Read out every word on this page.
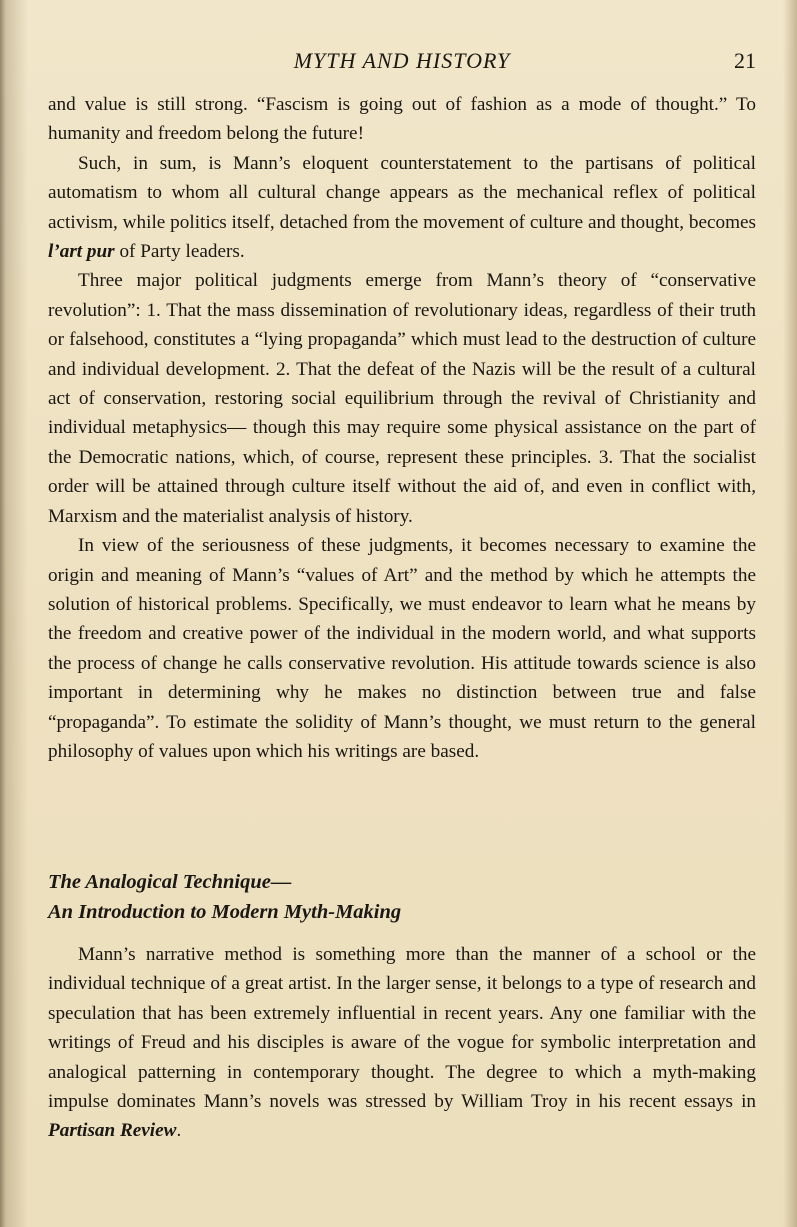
MYTH AND HISTORY	21

and value is still strong. “Fascism is going out of fashion as a mode of thought.” To humanity and freedom belong the future!

Such, in sum, is Mann’s eloquent counterstatement to the partisans of political automatism to whom all cultural change appears as the mechanical reflex of political activism, while politics itself, detached from the movement of culture and thought, becomes l’art pur of Party leaders.

Three major political judgments emerge from Mann’s theory of “conservative revolution”: 1. That the mass dissemination of revolutionary ideas, regardless of their truth or falsehood, constitutes a “lying propaganda” which must lead to the destruction of culture and individual development. 2. That the defeat of the Nazis will be the result of a cultural act of conservation, restoring social equilibrium through the revival of Christianity and individual metaphysics— though this may require some physical assistance on the part of the Democratic nations, which, of course, represent these principles. 3. That the socialist order will be attained through culture itself without the aid of, and even in conflict with, Marxism and the materialist analysis of history.

In view of the seriousness of these judgments, it becomes necessary to examine the origin and meaning of Mann’s “values of Art” and the method by which he attempts the solution of historical problems. Specifically, we must endeavor to learn what he means by the freedom and creative power of the individual in the modern world, and what supports the process of change he calls conservative revolution. His attitude towards science is also important in determining why he makes no distinction between true and false “propaganda”. To estimate the solidity of Mann’s thought, we must return to the general philosophy of values upon which his writings are based.

The Analogical Technique—
An Introduction to Modern Myth-Making

Mann’s narrative method is something more than the manner of a school or the individual technique of a great artist. In the larger sense, it belongs to a type of research and speculation that has been extremely influential in recent years. Any one familiar with the writings of Freud and his disciples is aware of the vogue for symbolic interpretation and analogical patterning in contemporary thought. The degree to which a myth-making impulse dominates Mann’s novels was stressed by William Troy in his recent essays in Partisan Review.
